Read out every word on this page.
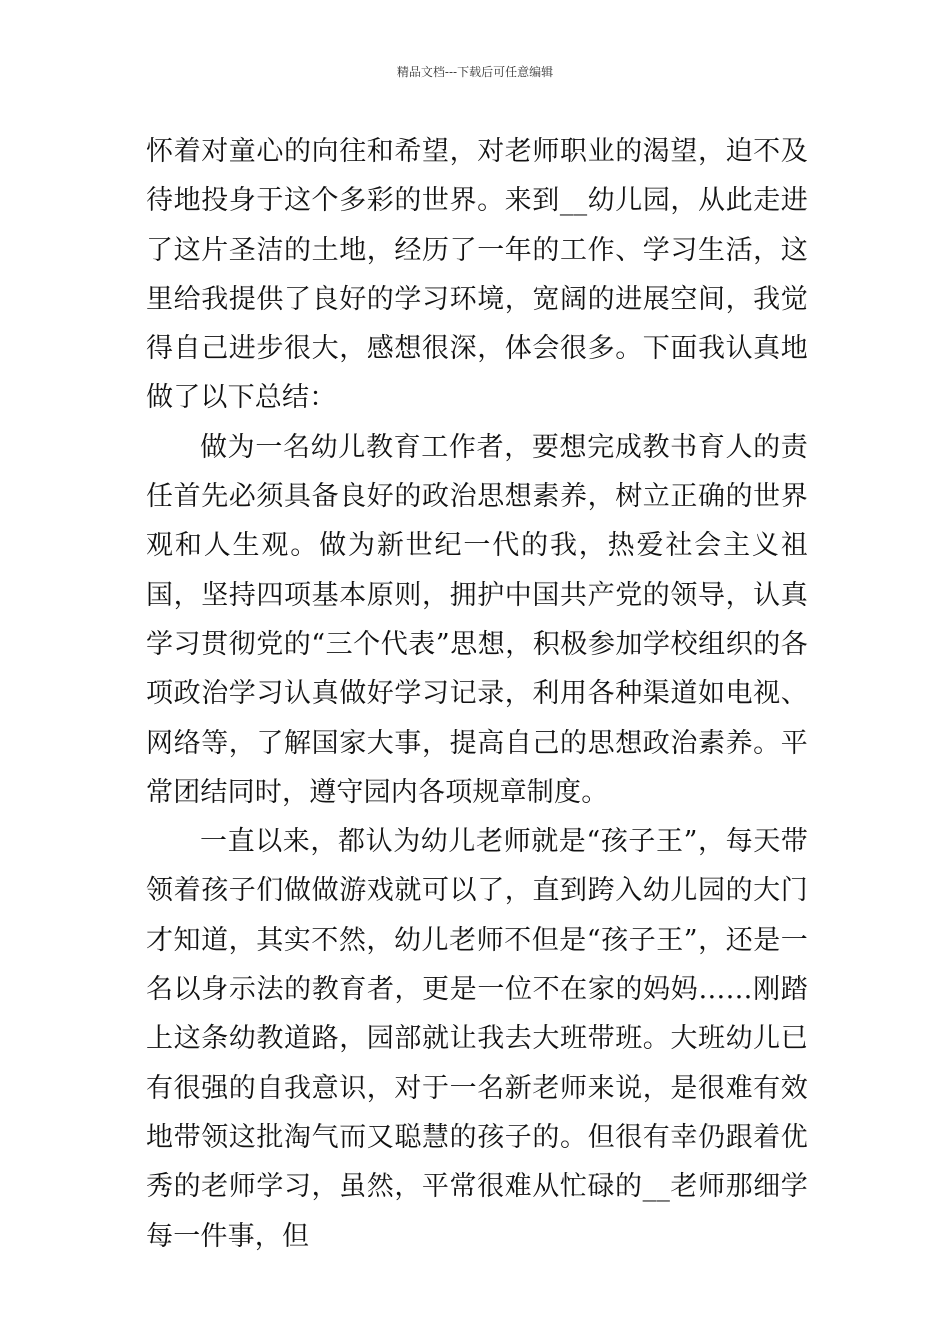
精品文档---下载后可任意编辑

怀着对童心的向往和希望，对老师职业的渴望，迫不及待地投身于这个多彩的世界。来到__幼儿园，从此走进了这片圣洁的土地，经历了一年的工作、学习生活，这里给我提供了良好的学习环境，宽阔的进展空间，我觉得自己进步很大，感想很深，体会很多。下面我认真地做了以下总结：

做为一名幼儿教育工作者，要想完成教书育人的责任首先必须具备良好的政治思想素养，树立正确的世界观和人生观。做为新世纪一代的我，热爱社会主义祖国，坚持四项基本原则，拥护中国共产党的领导，认真学习贯彻党的“三个代表”思想，积极参加学校组织的各项政治学习认真做好学习记录，利用各种渠道如电视、网络等，了解国家大事，提高自己的思想政治素养。平常团结同时，遵守园内各项规章制度。

一直以来，都认为幼儿老师就是“孩子王”，每天带领着孩子们做做游戏就可以了，直到跨入幼儿园的大门才知道，其实不然，幼儿老师不但是“孩子王”，还是一名以身示法的教育者，更是一位不在家的妈妈……刚踏上这条幼教道路，园部就让我去大班带班。大班幼儿已有很强的自我意识，对于一名新老师来说，是很难有效地带领这批淘气而又聪慧的孩子的。但很有幸仍跟着优秀的老师学习，虽然，平常很难从忙碌的__老师那细学每一件事，但
